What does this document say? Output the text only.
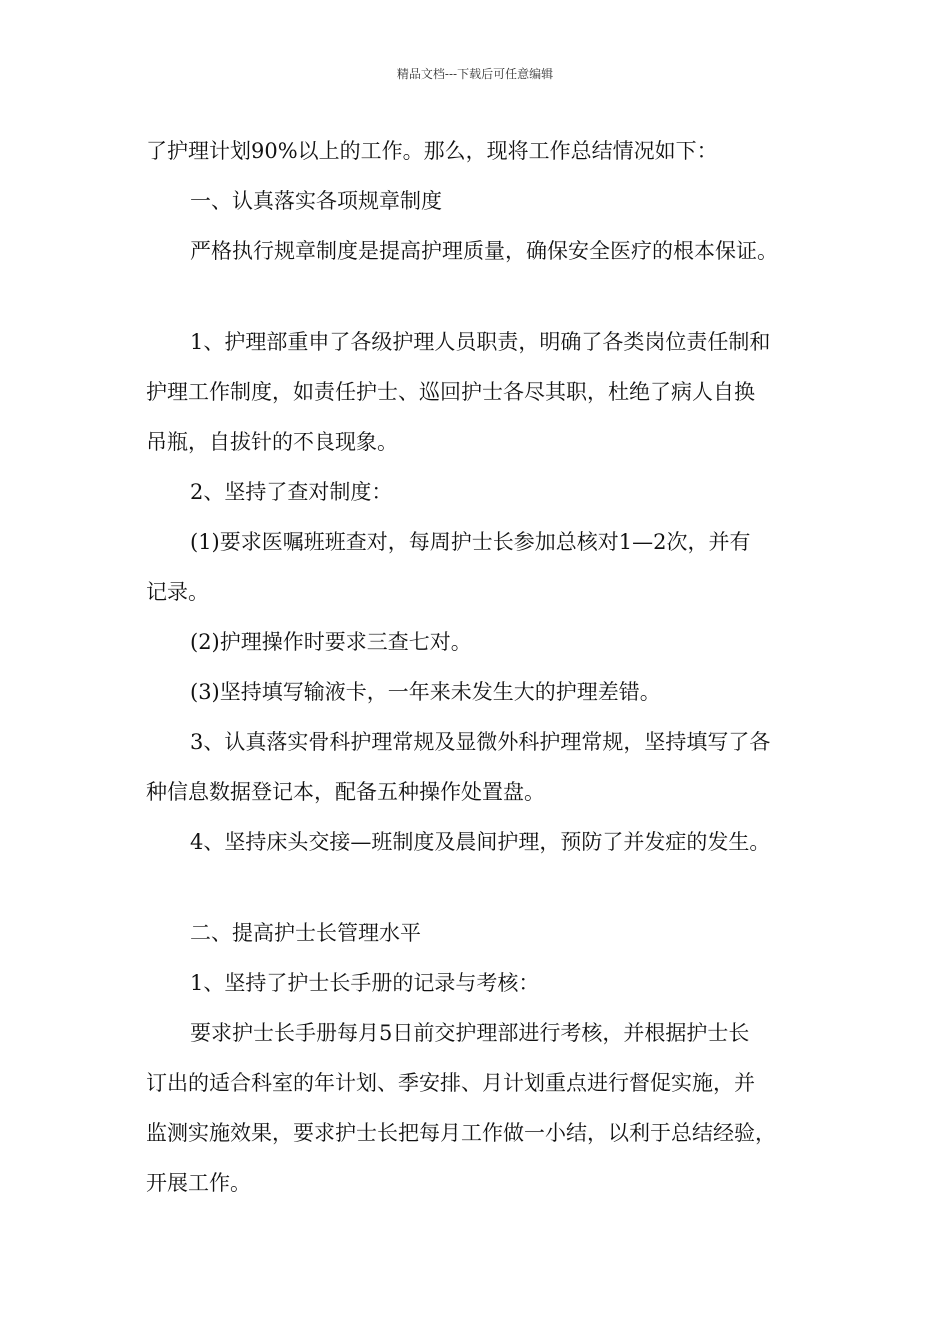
精品文档---下载后可任意编辑
了护理计划90%以上的工作。那么，现将工作总结情况如下：
一、认真落实各项规章制度
严格执行规章制度是提高护理质量，确保安全医疗的根本保证。
1、护理部重申了各级护理人员职责，明确了各类岗位责任制和
护理工作制度，如责任护士、巡回护士各尽其职，杜绝了病人自换
吊瓶，自拔针的不良现象。
2、坚持了查对制度：
(1)要求医嘱班班查对，每周护士长参加总核对1—2次，并有
记录。
(2)护理操作时要求三查七对。
(3)坚持填写输液卡，一年来未发生大的护理差错。
3、认真落实骨科护理常规及显微外科护理常规，坚持填写了各
种信息数据登记本，配备五种操作处置盘。
4、坚持床头交接—班制度及晨间护理，预防了并发症的发生。
二、提高护士长管理水平
1、坚持了护士长手册的记录与考核：
要求护士长手册每月5日前交护理部进行考核，并根据护士长
订出的适合科室的年计划、季安排、月计划重点进行督促实施，并
监测实施效果，要求护士长把每月工作做一小结，以利于总结经验，
开展工作。
